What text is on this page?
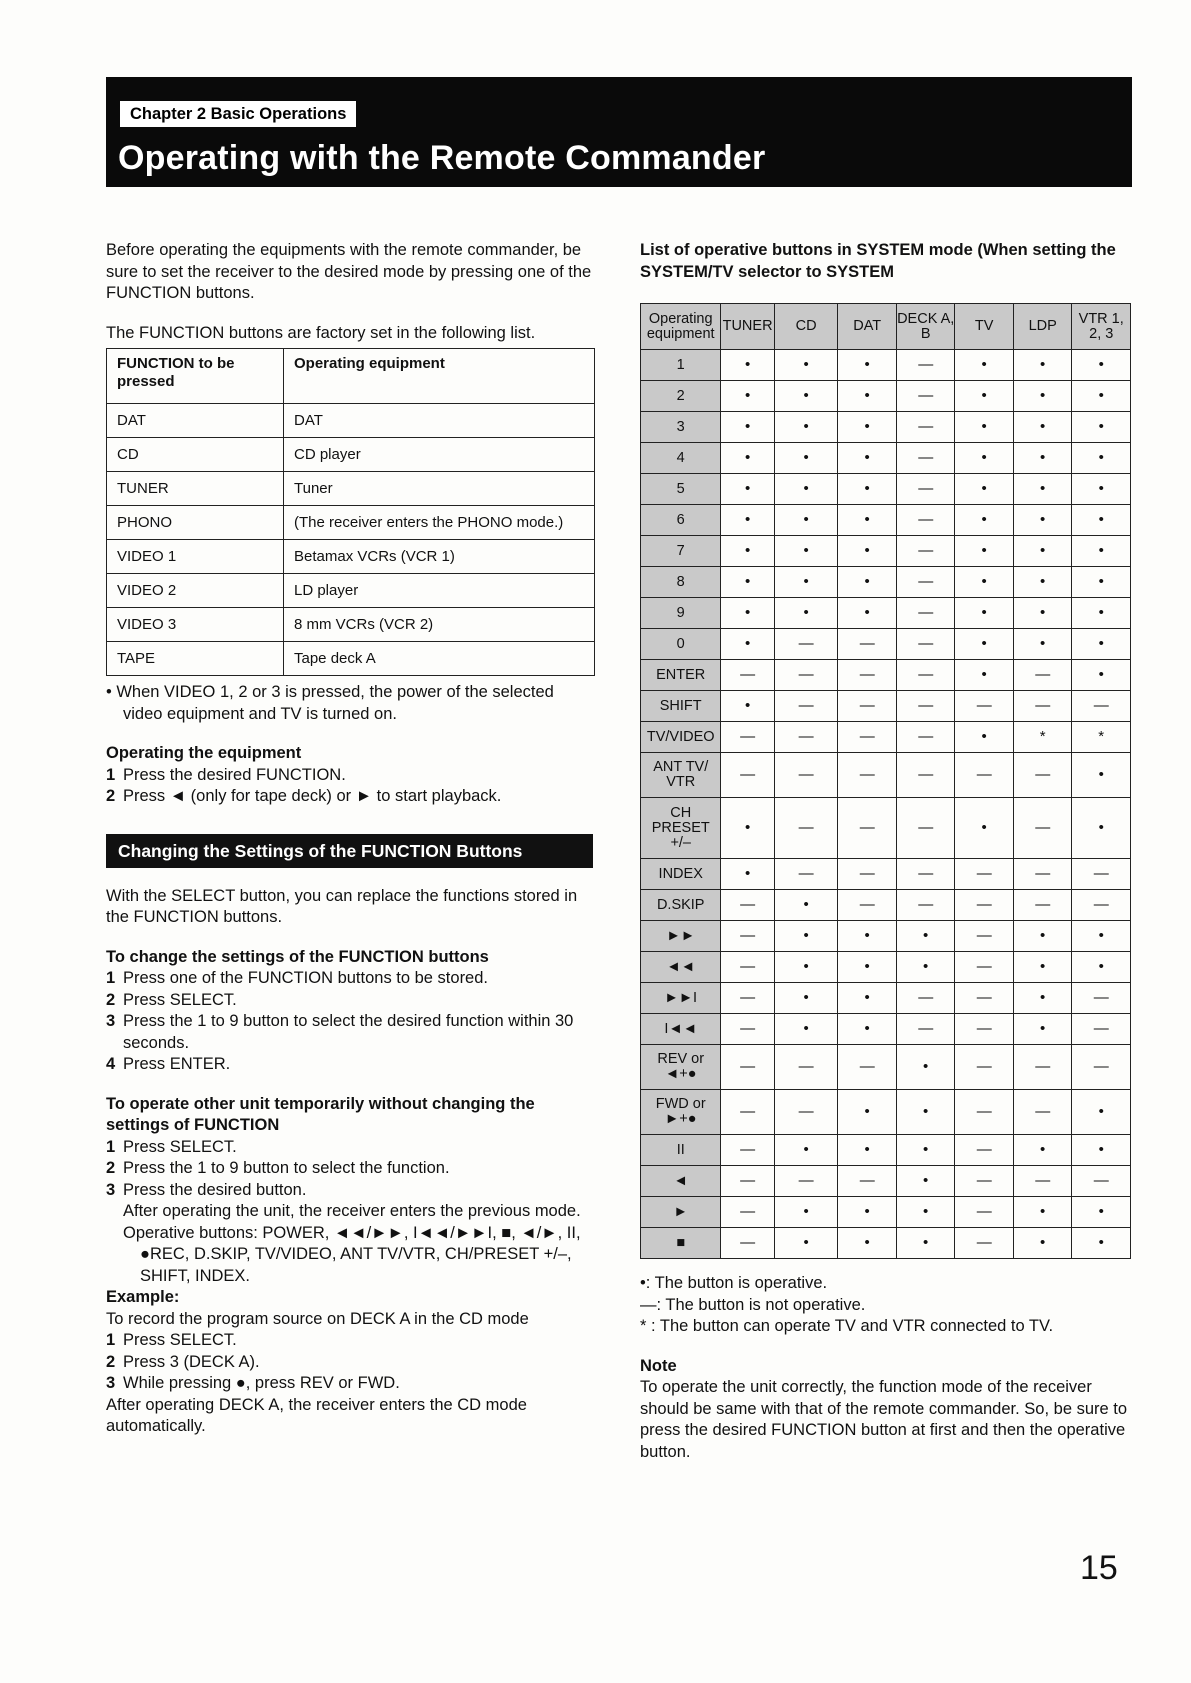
Chapter 2 Basic Operations
Operating with the Remote Commander

Before operating the equipments with the remote commander, be sure to set the receiver to the desired mode by pressing one of the FUNCTION buttons.

The FUNCTION buttons are factory set in the following list.

FUNCTION to be pressed	Operating equipment
DAT	DAT
CD	CD player
TUNER	Tuner
PHONO	(The receiver enters the PHONO mode.)
VIDEO 1	Betamax VCRs (VCR 1)
VIDEO 2	LD player
VIDEO 3	8 mm VCRs (VCR 2)
TAPE	Tape deck A

• When VIDEO 1, 2 or 3 is pressed, the power of the selected video equipment and TV is turned on.

Operating the equipment

1 Press the desired FUNCTION.

2 Press ◄ (only for tape deck) or ► to start playback.

Changing the Settings of the FUNCTION Buttons

With the SELECT button, you can replace the functions stored in the FUNCTION buttons.

To change the settings of the FUNCTION buttons

1 Press one of the FUNCTION buttons to be stored.

2 Press SELECT.

3 Press the 1 to 9 button to select the desired function within 30 seconds.

4 Press ENTER.

To operate other unit temporarily without changing the settings of FUNCTION

1 Press SELECT.

2 Press the 1 to 9 button to select the function.

3 Press the desired button.

After operating the unit, the receiver enters the previous mode.

Operative buttons: POWER, ◄◄/►►, I◄◄/►►I, ■, ◄/►, II, ●REC, D.SKIP, TV/VIDEO, ANT TV/VTR, CH/PRESET +/–, SHIFT, INDEX.

Example:

To record the program source on DECK A in the CD mode

1 Press SELECT.

2 Press 3 (DECK A).

3 While pressing ●, press REV or FWD.

After operating DECK A, the receiver enters the CD mode automatically.

List of operative buttons in SYSTEM mode (When setting the SYSTEM/TV selector to SYSTEM

Operating equipment	TUNER	CD	DAT	DECK A, B	TV	LDP	VTR 1, 2, 3
1	•	•	•	—	•	•	•
2	•	•	•	—	•	•	•
3	•	•	•	—	•	•	•
4	•	•	•	—	•	•	•
5	•	•	•	—	•	•	•
6	•	•	•	—	•	•	•
7	•	•	•	—	•	•	•
8	•	•	•	—	•	•	•
9	•	•	•	—	•	•	•
0	•	—	—	—	•	•	•
ENTER	—	—	—	—	•	—	•
SHIFT	•	—	—	—	—	—	—
TV/VIDEO	—	—	—	—	•	*	*
ANT TV/ VTR	—	—	—	—	—	—	•
CH PRESET +/–	•	—	—	—	•	—	•
INDEX	•	—	—	—	—	—	—
D.SKIP	—	•	—	—	—	—	—
►►	—	•	•	•	—	•	•
◄◄	—	•	•	•	—	•	•
►►I	—	•	•	—	—	•	—
I◄◄	—	•	•	—	—	•	—
REV or ◄+●	—	—	—	•	—	—	—
FWD or ►+●	—	—	•	•	—	—	•
II	—	•	•	•	—	•	•
◄	—	—	—	•	—	—	—
►	—	•	•	•	—	•	•
■	—	•	•	•	—	•	•

•: The button is operative.

—: The button is not operative.

* : The button can operate TV and VTR connected to TV.

Note

To operate the unit correctly, the function mode of the receiver should be same with that of the remote commander. So, be sure to press the desired FUNCTION button at first and then the operative button.

15
